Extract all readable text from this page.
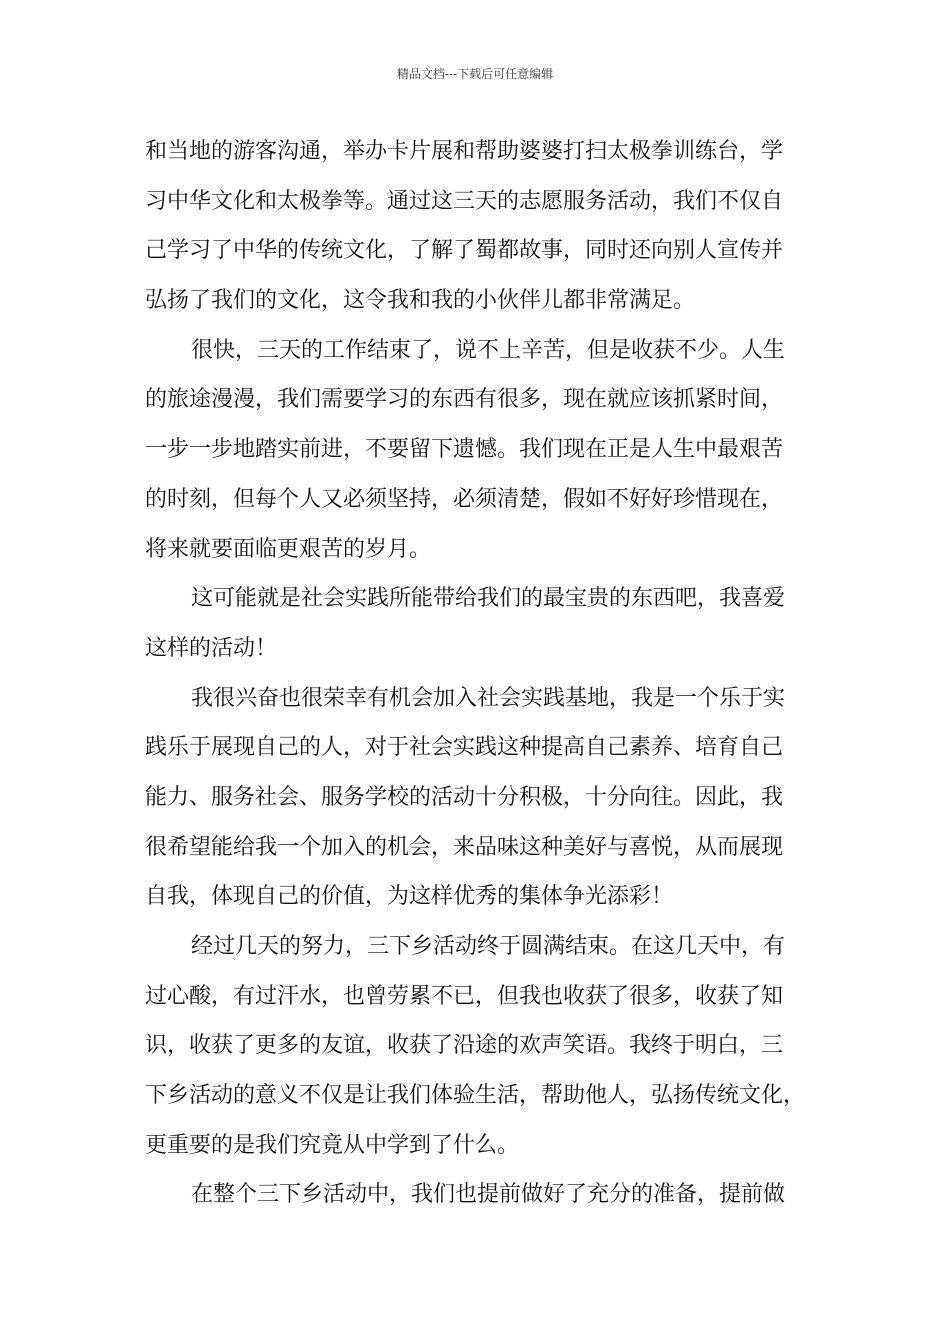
精品文档---下载后可任意编辑
和当地的游客沟通，举办卡片展和帮助婆婆打扫太极拳训练台，学
习中华文化和太极拳等。通过这三天的志愿服务活动，我们不仅自
己学习了中华的传统文化，了解了蜀都故事，同时还向别人宣传并
弘扬了我们的文化，这令我和我的小伙伴儿都非常满足。
很快，三天的工作结束了，说不上辛苦，但是收获不少。人生
的旅途漫漫，我们需要学习的东西有很多，现在就应该抓紧时间，
一步一步地踏实前进，不要留下遗憾。我们现在正是人生中最艰苦
的时刻，但每个人又必须坚持，必须清楚，假如不好好珍惜现在，
将来就要面临更艰苦的岁月。
这可能就是社会实践所能带给我们的最宝贵的东西吧，我喜爱
这样的活动！
我很兴奋也很荣幸有机会加入社会实践基地，我是一个乐于实
践乐于展现自己的人，对于社会实践这种提高自己素养、培育自己
能力、服务社会、服务学校的活动十分积极，十分向往。因此，我
很希望能给我一个加入的机会，来品味这种美好与喜悦，从而展现
自我，体现自己的价值，为这样优秀的集体争光添彩！
经过几天的努力，三下乡活动终于圆满结束。在这几天中，有
过心酸，有过汗水，也曾劳累不已，但我也收获了很多，收获了知
识，收获了更多的友谊，收获了沿途的欢声笑语。我终于明白，三
下乡活动的意义不仅是让我们体验生活，帮助他人，弘扬传统文化，
更重要的是我们究竟从中学到了什么。
在整个三下乡活动中，我们也提前做好了充分的准备，提前做
